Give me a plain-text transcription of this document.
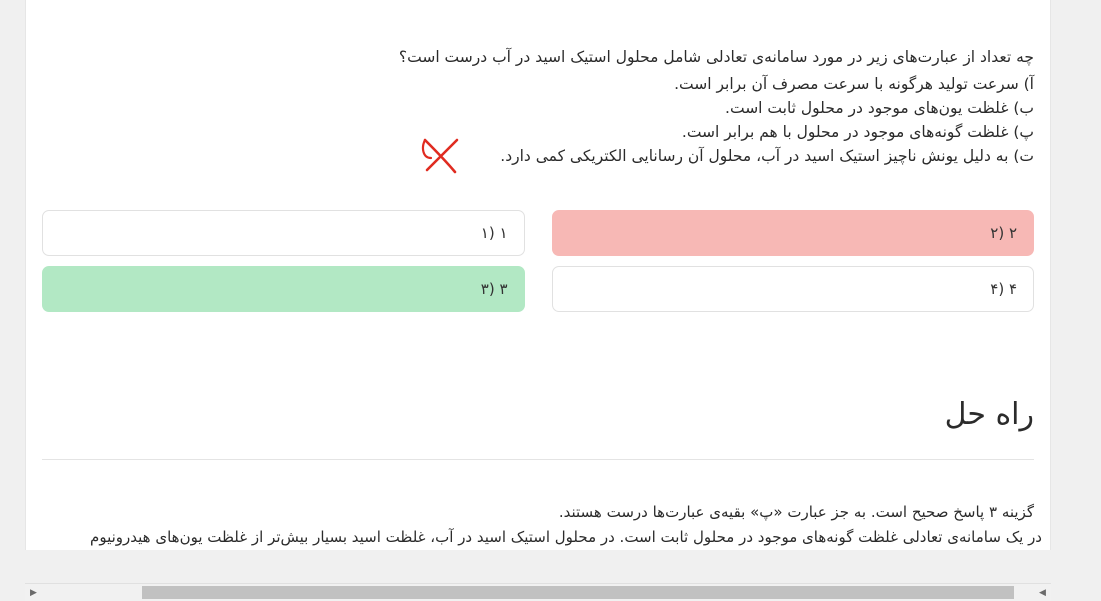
چه تعداد از عبارت‌های زیر در مورد سامانه‌ی تعادلی شامل محلول استیک اسید در آب درست است؟
آ) سرعت تولید هرگونه با سرعت مصرف آن برابر است.
ب) غلظت یون‌های موجود در محلول ثابت است.
پ) غلظت گونه‌های موجود در محلول با هم برابر است.
ت) به دلیل یونش ناچیز استیک اسید در آب، محلول آن رسانایی الکتریکی کمی دارد.
۲ (۲
۱ (۱
۴ (۴
۳ (۳
راه حل
گزینه ۳ پاسخ صحیح است. به جز عبارت «پ» بقیه‌ی عبارت‌ها درست هستند.
در یک سامانه‌ی تعادلی غلظت گونه‌های موجود در محلول ثابت است. در محلول استیک اسید در آب، غلظت اسید بسیار بیش‌تر از غلظت یون‌های هیدرونیوم
◀
▶
